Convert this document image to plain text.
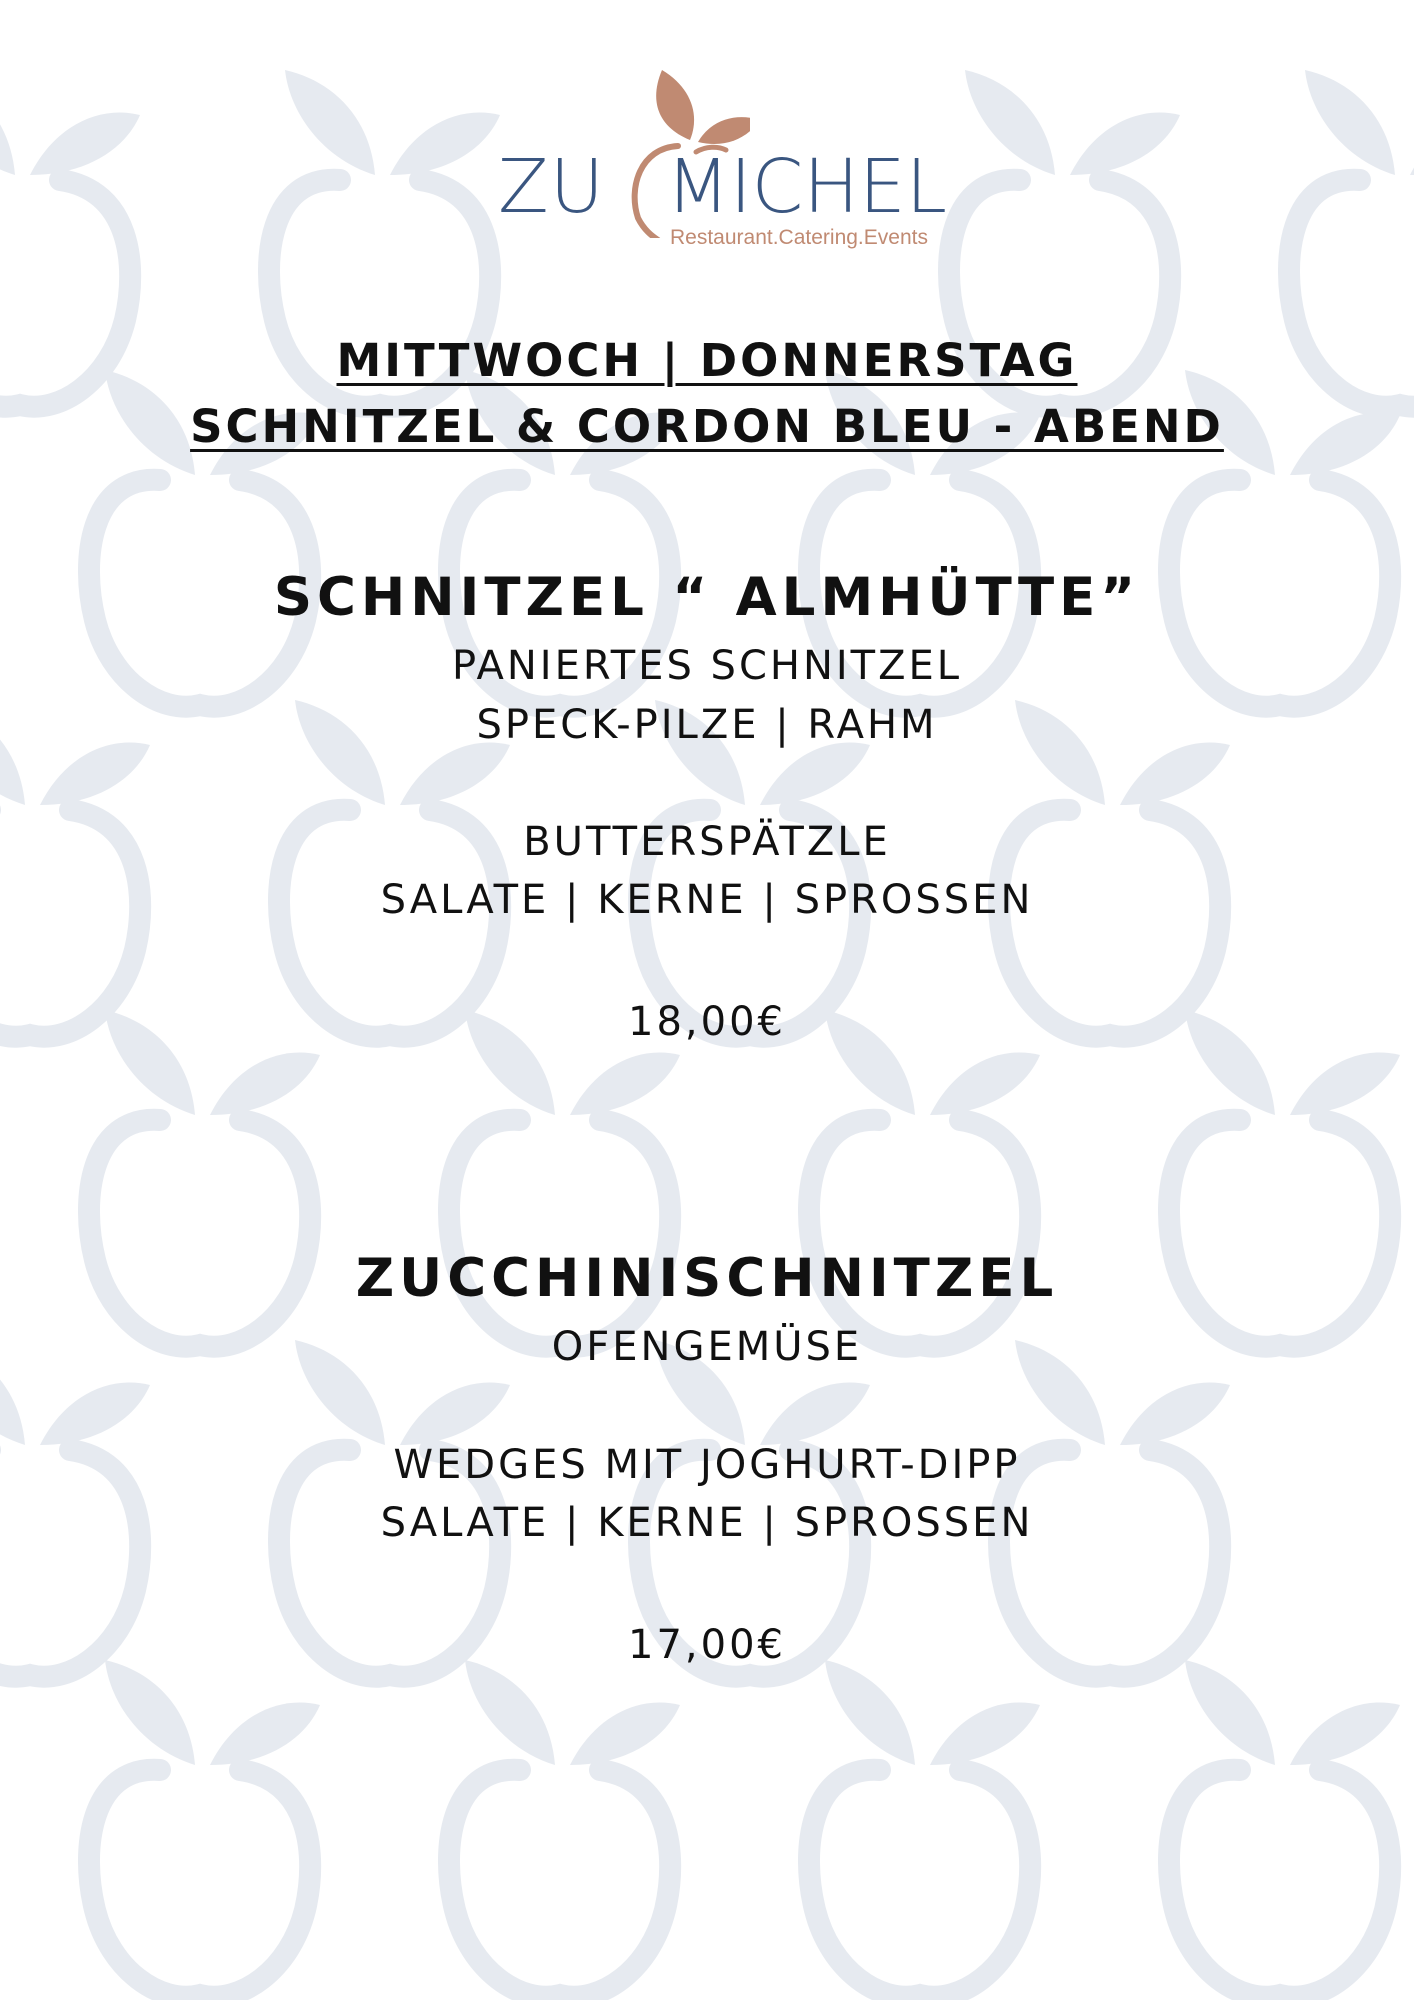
ZU MICHEL
Restaurant.Catering.Events
MITTWOCH | DONNERSTAG
SCHNITZEL & CORDON BLEU - ABEND
SCHNITZEL “ ALMHÜTTE”
PANIERTES SCHNITZEL
SPECK-PILZE | RAHM
BUTTERSPÄTZLE
SALATE | KERNE | SPROSSEN
18,00€
ZUCCHINISCHNITZEL
OFENGEMÜSE
WEDGES MIT JOGHURT-DIPP
SALATE | KERNE | SPROSSEN
17,00€
